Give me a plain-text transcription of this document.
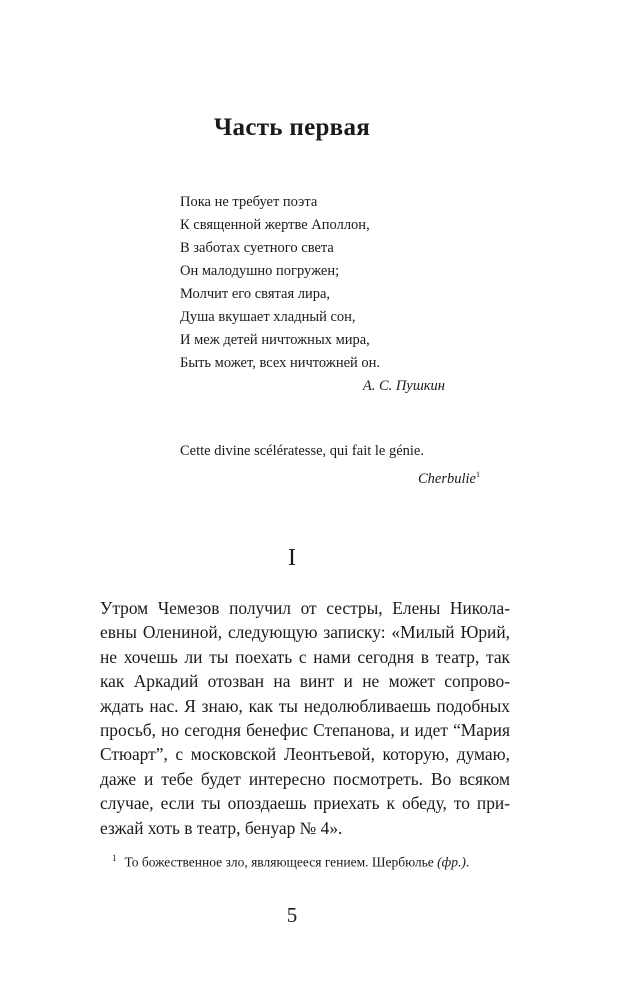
Часть первая
Пока не требует поэта
К священной жертве Аполлон,
В заботах суетного света
Он малодушно погружен;
Молчит его святая лира,
Душа вкушает хладный сон,
И меж детей ничтожных мира,
Быть может, всех ничтожней он.
А. С. Пушкин
Cette divine scélératesse, qui fait le génie.
Cherbulie$^1$
I
Утром Чемезов получил от сестры, Елены Никола-
евны Олениной, следующую записку: «Милый Юрий,
не хочешь ли ты поехать с нами сегодня в театр, так
как Аркадий отозван на винт и не может сопрово-
ждать нас. Я знаю, как ты недолюбливаешь подобных
просьб, но сегодня бенефис Степанова, и идет “Мария
Стюарт”, с московской Леонтьевой, которую, думаю,
даже и тебе будет интересно посмотреть. Во всяком
случае, если ты опоздаешь приехать к обеду, то при-
езжай хоть в театр, бенуар № 4».
$^1$ То божественное зло, являющееся гением. Шербюлье (фр.).
5
